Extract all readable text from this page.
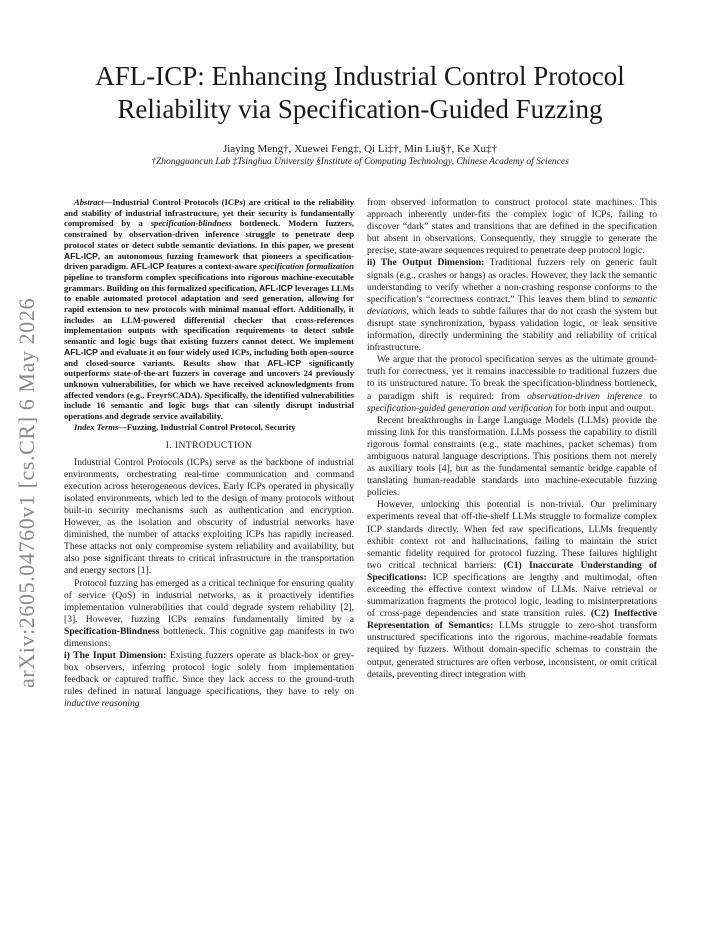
arXiv:2605.04760v1 [cs.CR] 6 May 2026
AFL-ICP: Enhancing Industrial Control Protocol Reliability via Specification-Guided Fuzzing
Jiaying Meng†, Xuewei Feng‡, Qi Li‡†, Min Liu§†, Ke Xu‡†
†Zhongguancun Lab ‡Tsinghua University §Institute of Computing Technology, Chinese Academy of Sciences

Abstract—Industrial Control Protocols (ICPs) are critical to the reliability and stability of industrial infrastructure, yet their security is fundamentally compromised by a specification-blindness bottleneck. Modern fuzzers, constrained by observation-driven inference struggle to penetrate deep protocol states or detect subtle semantic deviations. In this paper, we present AFL-ICP, an autonomous fuzzing framework that pioneers a specification-driven paradigm. AFL-ICP features a context-aware specification formalization pipeline to transform complex specifications into rigorous machine-executable grammars. Building on this formalized specification, AFL-ICP leverages LLMs to enable automated protocol adaptation and seed generation, allowing for rapid extension to new protocols with minimal manual effort. Additionally, it includes an LLM-powered differential checker that cross-references implementation outputs with specification requirements to detect subtle semantic and logic bugs that existing fuzzers cannot detect. We implement AFL-ICP and evaluate it on four widely used ICPs, including both open-source and closed-source variants. Results show that AFL-ICP significantly outperforms state-of-the-art fuzzers in coverage and uncovers 24 previously unknown vulnerabilities, for which we have received acknowledgments from affected vendors (e.g., FreyrSCADA). Specifically, the identified vulnerabilities include 16 semantic and logic bugs that can silently disrupt industrial operations and degrade service availability.

Index Terms—Fuzzing, Industrial Control Protocol, Security

I. INTRODUCTION

Industrial Control Protocols (ICPs) serve as the backbone of industrial environments, orchestrating real-time communication and command execution across heterogeneous devices. Early ICPs operated in physically isolated environments, which led to the design of many protocols without built-in security mechanisms such as authentication and encryption. However, as the isolation and obscurity of industrial networks have diminished, the number of attacks exploiting ICPs has rapidly increased. These attacks not only compromise system reliability and availability, but also pose significant threats to critical infrastructure in the transportation and energy sectors [1].

Protocol fuzzing has emerged as a critical technique for ensuring quality of service (QoS) in industrial networks, as it proactively identifies implementation vulnerabilities that could degrade system reliability [2], [3]. However, fuzzing ICPs remains fundamentally limited by a Specification-Blindness bottleneck. This cognitive gap manifests in two dimensions:

i) The Input Dimension: Existing fuzzers operate as black-box or grey-box observers, inferring protocol logic solely from implementation feedback or captured traffic. Since they lack access to the ground-truth rules defined in natural language specifications, they have to rely on inductive reasoning

from observed information to construct protocol state machines. This approach inherently under-fits the complex logic of ICPs, failing to discover “dark” states and transitions that are defined in the specification but absent in observations. Consequently, they struggle to generate the precise, state-aware sequences required to penetrate deep protocol logic.

ii) The Output Dimension: Traditional fuzzers rely on generic fault signals (e.g., crashes or hangs) as oracles. However, they lack the semantic understanding to verify whether a non-crashing response conforms to the specification’s “correctness contract.” This leaves them blind to semantic deviations, which leads to subtle failures that do not crash the system but disrupt state synchronization, bypass validation logic, or leak sensitive information, directly undermining the stability and reliability of critical infrastructure.

We argue that the protocol specification serves as the ultimate ground-truth for correctness, yet it remains inaccessible to traditional fuzzers due to its unstructured nature. To break the specification-blindness bottleneck, a paradigm shift is required: from observation-driven inference to specification-guided generation and verification for both input and output.

Recent breakthroughs in Large Language Models (LLMs) provide the missing link for this transformation. LLMs possess the capability to distill rigorous formal constraints (e.g., state machines, packet schemas) from ambiguous natural language descriptions. This positions them not merely as auxiliary tools [4], but as the fundamental semantic bridge capable of translating human-readable standards into machine-executable fuzzing policies.

However, unlocking this potential is non-trivial. Our preliminary experiments reveal that off-the-shelf LLMs struggle to formalize complex ICP standards directly. When fed raw specifications, LLMs frequently exhibit context rot and hallucinations, failing to maintain the strict semantic fidelity required for protocol fuzzing. These failures highlight two critical technical barriers: (C1) Inaccurate Understanding of Specifications: ICP specifications are lengthy and multimodal, often exceeding the effective context window of LLMs. Naive retrieval or summarization fragments the protocol logic, leading to misinterpretations of cross-page dependencies and state transition rules. (C2) Ineffective Representation of Semantics: LLMs struggle to zero-shot transform unstructured specifications into the rigorous, machine-readable formats required by fuzzers. Without domain-specific schemas to constrain the output, generated structures are often verbose, inconsistent, or omit critical details, preventing direct integration with
